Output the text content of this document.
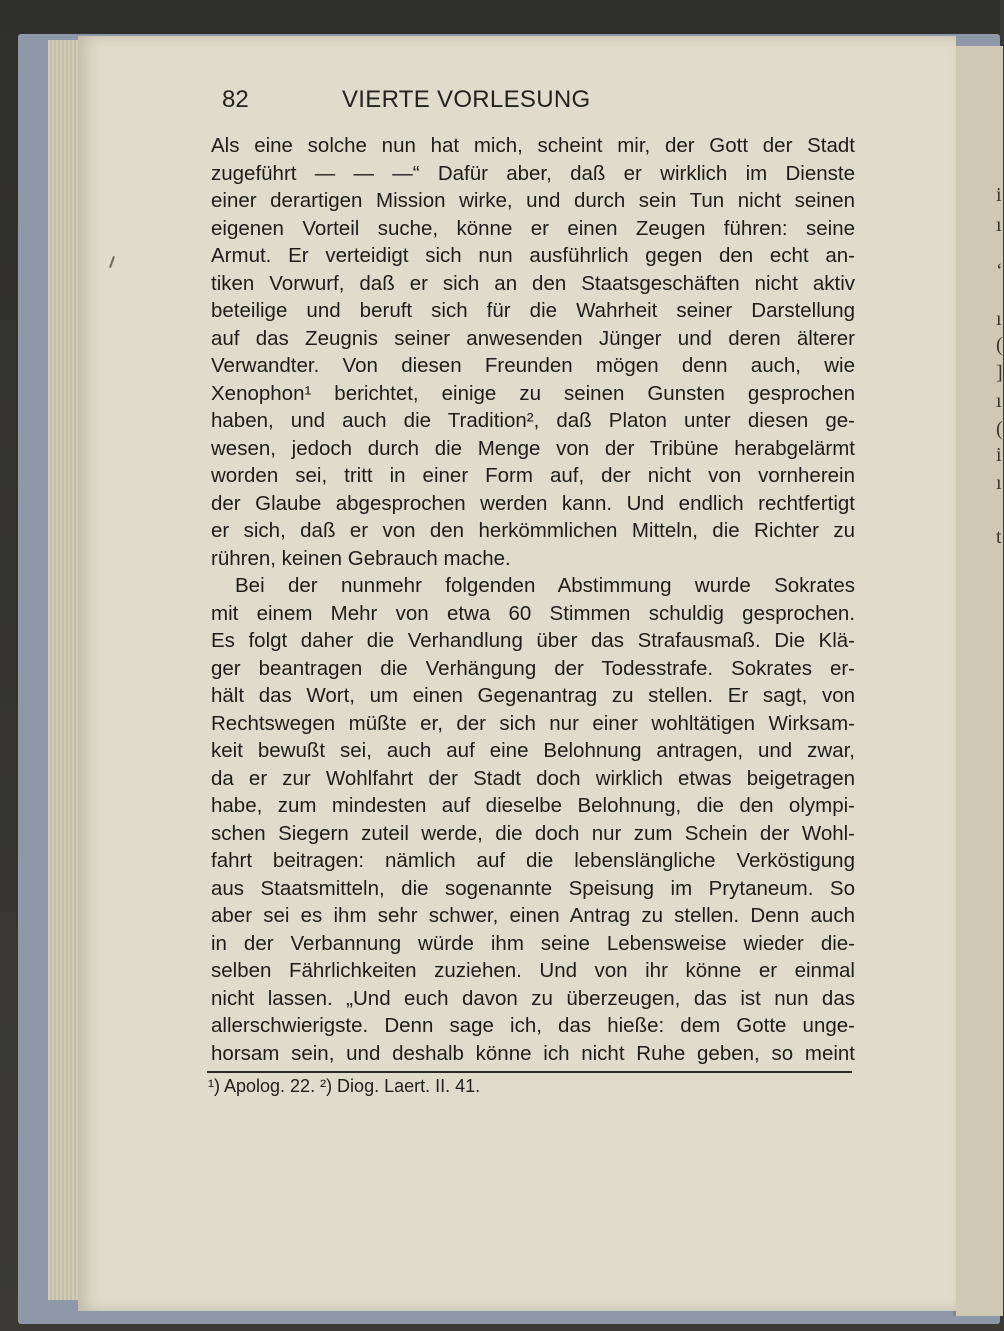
i
ı
‘
ı
(
]
ı
(
i
ı
t
82	VIERTE VORLESUNG
Als eine solche nun hat mich, scheint mir, der Gott der Stadt
zugeführt — — —“ Dafür aber, daß er wirklich im Dienste
einer derartigen Mission wirke, und durch sein Tun nicht seinen
eigenen Vorteil suche, könne er einen Zeugen führen: seine
Armut. Er verteidigt sich nun ausführlich gegen den echt an-
tiken Vorwurf, daß er sich an den Staatsgeschäften nicht aktiv
beteilige und beruft sich für die Wahrheit seiner Darstellung
auf das Zeugnis seiner anwesenden Jünger und deren älterer
Verwandter. Von diesen Freunden mögen denn auch, wie
Xenophon¹ berichtet, einige zu seinen Gunsten gesprochen
haben, und auch die Tradition², daß Platon unter diesen ge-
wesen, jedoch durch die Menge von der Tribüne herabgelärmt
worden sei, tritt in einer Form auf, der nicht von vornherein
der Glaube abgesprochen werden kann. Und endlich rechtfertigt
er sich, daß er von den herkömmlichen Mitteln, die Richter zu
rühren, keinen Gebrauch mache.
Bei der nunmehr folgenden Abstimmung wurde Sokrates
mit einem Mehr von etwa 60 Stimmen schuldig gesprochen.
Es folgt daher die Verhandlung über das Strafausmaß. Die Klä-
ger beantragen die Verhängung der Todesstrafe. Sokrates er-
hält das Wort, um einen Gegenantrag zu stellen. Er sagt, von
Rechtswegen müßte er, der sich nur einer wohltätigen Wirksam-
keit bewußt sei, auch auf eine Belohnung antragen, und zwar,
da er zur Wohlfahrt der Stadt doch wirklich etwas beigetragen
habe, zum mindesten auf dieselbe Belohnung, die den olympi-
schen Siegern zuteil werde, die doch nur zum Schein der Wohl-
fahrt beitragen: nämlich auf die lebenslängliche Verköstigung
aus Staatsmitteln, die sogenannte Speisung im Prytaneum. So
aber sei es ihm sehr schwer, einen Antrag zu stellen. Denn auch
in der Verbannung würde ihm seine Lebensweise wieder die-
selben Fährlichkeiten zuziehen. Und von ihr könne er einmal
nicht lassen. „Und euch davon zu überzeugen, das ist nun das
allerschwierigste. Denn sage ich, das hieße: dem Gotte unge-
horsam sein, und deshalb könne ich nicht Ruhe geben, so meint
¹) Apolog. 22. ²) Diog. Laert. II. 41.
